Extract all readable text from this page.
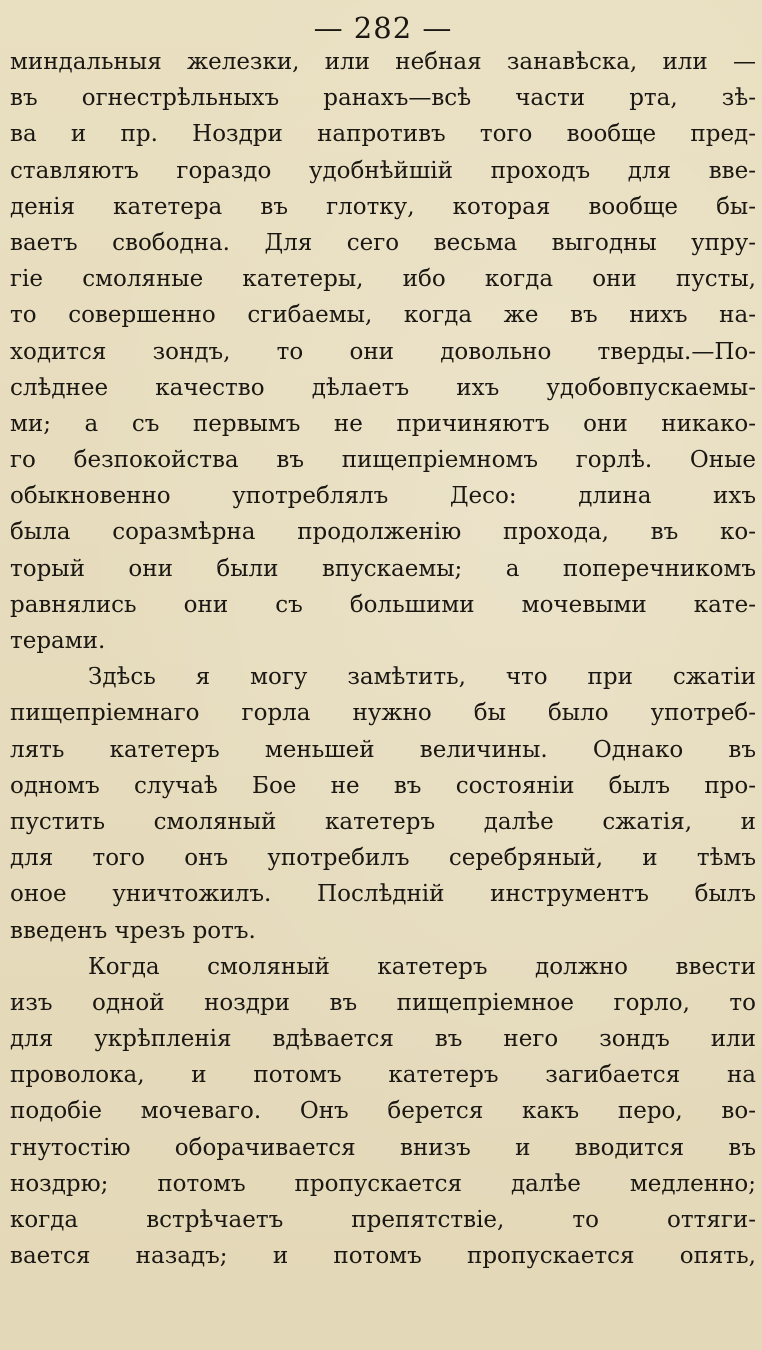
— 282 —
миндальныя железки, или небная занавѣска, или —
въ огнестрѣльныхъ ранахъ—всѣ части рта, зѣ-
ва и пр. Ноздри напротивъ того вообще пред-
ставляютъ гораздо удобнѣйшій проходъ для вве-
денія катетера въ глотку, которая вообще бы-
ваетъ свободна. Для сего весьма выгодны упру-
гіе смоляные катетеры, ибо когда они пусты,
то совершенно сгибаемы, когда же въ нихъ на-
ходится зондъ, то они довольно тверды.—По-
слѣднее качество дѣлаетъ ихъ удобовпускаемы-
ми; а съ первымъ не причиняютъ они никако-
го безпокойства въ пищепріемномъ горлѣ. Оныe
обыкновенно употреблялъ Десо: длина ихъ
была соразмѣрна продолженію прохода, въ ко-
торый они были впускаемы; а поперечникомъ
равнялись они съ большими мочевыми кате-
терами.
Здѣсь я могу замѣтить, что при сжатіи
пищепріемнаго горла нужно бы было употреб-
лять катетеръ меньшей величины. Однако въ
одномъ случаѣ Бое не въ состояніи былъ про-
пустить смоляный катетеръ далѣе сжатія, и
для того онъ употребилъ серебряный, и тѣмъ
оное уничтожилъ. Послѣдній инструментъ былъ
введенъ чрезъ ротъ.
Когда смоляный катетеръ должно ввести
изъ одной ноздри въ пищепріемное горло, то
для укрѣпленія вдѣвается въ него зондъ или
проволока, и потомъ катетеръ загибается на
подобіе мочеваго. Онъ берется какъ перо, во-
гнутостію оборачивается внизъ и вводится въ
ноздрю; потомъ пропускается далѣе медленно;
когда встрѣчаетъ препятствіе, то оттяги-
вается назадъ; и потомъ пропускается опять,
